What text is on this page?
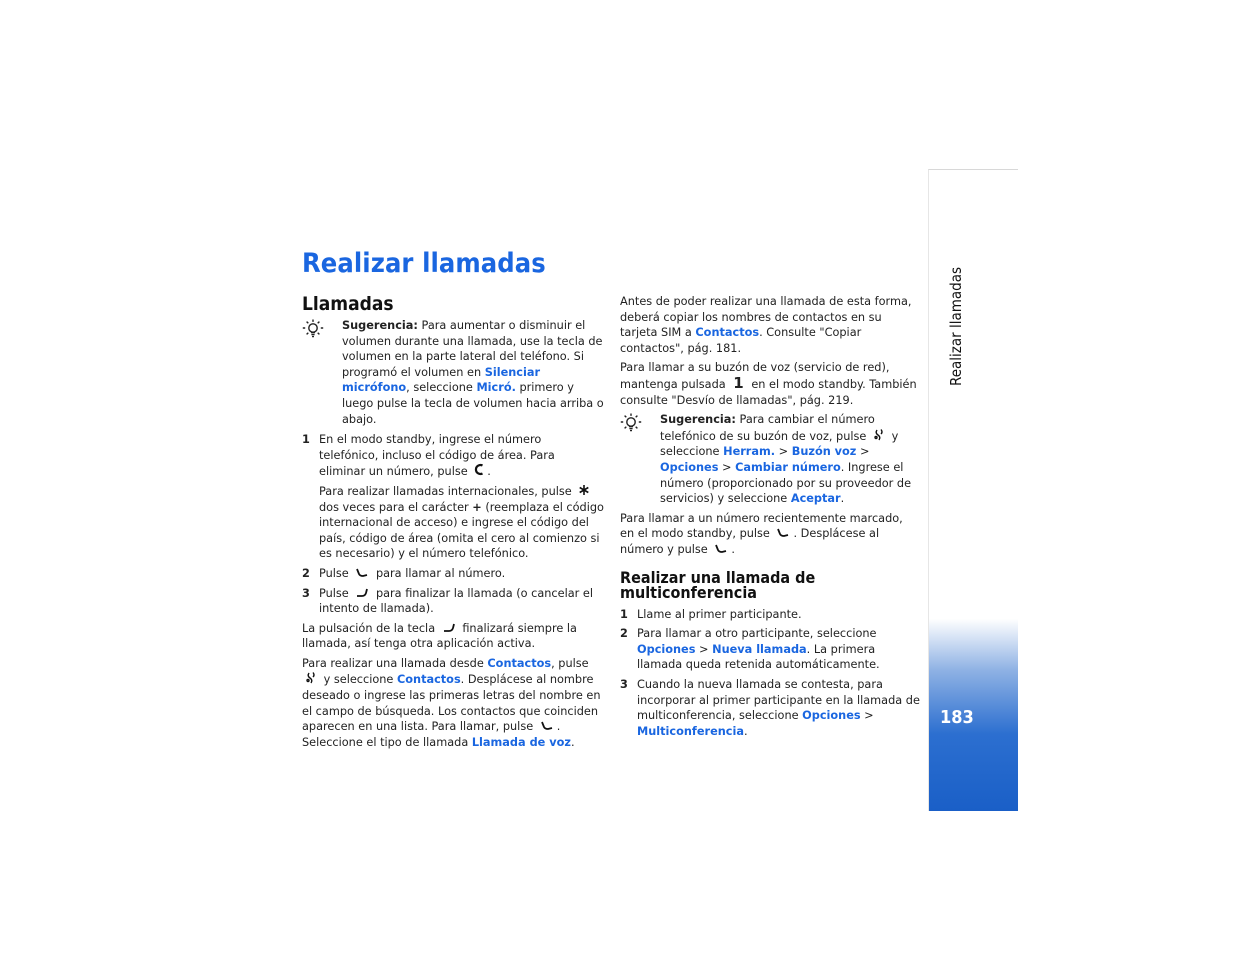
Realizar llamadas
183
Realizar llamadas
Llamadas
Sugerencia: Para aumentar o disminuir el volumen durante una llamada, use la tecla de volumen en la parte lateral del teléfono. Si programó el volumen en Silenciar micrófono, seleccione Micró. primero y luego pulse la tecla de volumen hacia arriba o abajo.
1 En el modo standby, ingrese el número telefónico, incluso el código de área. Para eliminar un número, pulse .

Para realizar llamadas internacionales, pulse  dos veces para el carácter + (reemplaza el código internacional de acceso) e ingrese el código del país, código de área (omita el cero al comienzo si es necesario) y el número telefónico.

2 Pulse para llamar al número.
3 Pulse para finalizar la llamada (o cancelar el intento de llamada).

La pulsación de la tecla finalizará siempre la llamada, así tenga otra aplicación activa.

Para realizar una llamada desde Contactos, pulse  y seleccione Contactos. Desplácese al nombre deseado o ingrese las primeras letras del nombre en el campo de búsqueda. Los contactos que coinciden aparecen en una lista. Para llamar, pulse . Seleccione el tipo de llamada Llamada de voz.

Antes de poder realizar una llamada de esta forma, deberá copiar los nombres de contactos en su tarjeta SIM a Contactos. Consulte "Copiar contactos", pág. 181.

Para llamar a su buzón de voz (servicio de red), mantenga pulsada 1 en el modo standby. También consulte "Desvío de llamadas", pág. 219.

Sugerencia: Para cambiar el número telefónico de su buzón de voz, pulse y seleccione Herram. > Buzón voz > Opciones > Cambiar número. Ingrese el número (proporcionado por su proveedor de servicios) y seleccione Aceptar.

Para llamar a un número recientemente marcado, en el modo standby, pulse . Desplácese al número y pulse .

Realizar una llamada de multiconferencia
1 Llame al primer participante.
2 Para llamar a otro participante, seleccione Opciones > Nueva llamada. La primera llamada queda retenida automáticamente.
3 Cuando la nueva llamada se contesta, para incorporar al primer participante en la llamada de multiconferencia, seleccione Opciones > Multiconferencia.
